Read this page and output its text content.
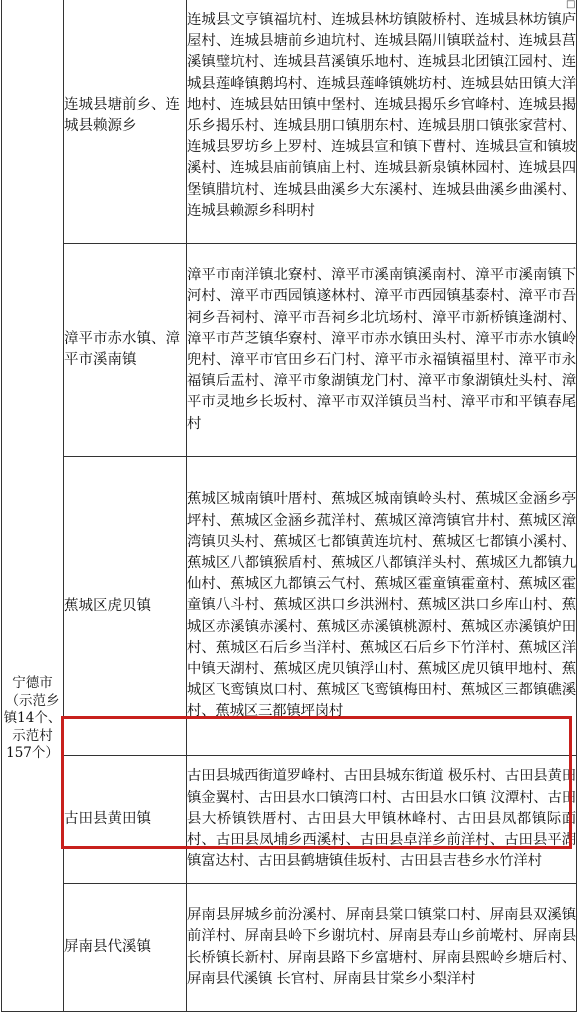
□
宁德市（示范乡镇14个、示范村157个）	连城县塘前乡、连城县赖源乡	连城县文亨镇福坑村、连城县林坊镇陂桥村、连城县林坊镇庐屋村、连城县塘前乡迪坑村、连城县隔川镇联益村、连城县莒溪镇璧坑村、连城县莒溪镇乐地村、连城县北团镇江园村、连城县莲峰镇鹅坞村、连城县莲峰镇姚坊村、连城县姑田镇大洋地村、连城县姑田镇中堡村、连城县揭乐乡官峰村、连城县揭乐乡揭乐村、连城县朋口镇朋东村、连城县朋口镇张家营村、连城县罗坊乡上罗村、连城县宣和镇下曹村、连城县宣和镇坡溪村、连城县庙前镇庙上村、连城县新泉镇林园村、连城县四堡镇腊坑村、连城县曲溪乡大东溪村、连城县曲溪乡曲溪村、连城县赖源乡科明村
	漳平市赤水镇、漳平市溪南镇	漳平市南洋镇北寮村、漳平市溪南镇溪南村、漳平市溪南镇下河村、漳平市西园镇遂林村、漳平市西园镇基泰村、漳平市吾祠乡吾祠村、漳平市吾祠乡北坑场村、漳平市新桥镇逢湖村、漳平市芦芝镇华寮村、漳平市赤水镇田头村、漳平市赤水镇岭兜村、漳平市官田乡石门村、漳平市永福镇福里村、漳平市永福镇后盂村、漳平市象湖镇龙门村、漳平市象湖镇灶头村、漳平市灵地乡长坂村、漳平市双洋镇员当村、漳平市和平镇春尾村
	蕉城区虎贝镇	蕉城区城南镇叶厝村、蕉城区城南镇岭头村、蕉城区金涵乡亭坪村、蕉城区金涵乡菰洋村、蕉城区漳湾镇官井村、蕉城区漳湾镇贝头村、蕉城区七都镇黄连坑村、蕉城区七都镇小溪村、蕉城区八都镇猴盾村、蕉城区八都镇洋头村、蕉城区九都镇九仙村、蕉城区九都镇云气村、蕉城区霍童镇霍童村、蕉城区霍童镇八斗村、蕉城区洪口乡洪洲村、蕉城区洪口乡库山村、蕉城区赤溪镇赤溪村、蕉城区赤溪镇桃源村、蕉城区赤溪镇炉田村、蕉城区石后乡当洋村、蕉城区石后乡下竹洋村、蕉城区洋中镇天湖村、蕉城区虎贝镇浮山村、蕉城区虎贝镇甲地村、蕉城区飞鸾镇岚口村、蕉城区飞鸾镇梅田村、蕉城区三都镇礁溪村、蕉城区三都镇坪岗村
	古田县黄田镇	古田县城西街道罗峰村、古田县城东街道 极乐村、古田县黄田镇金翼村、古田县水口镇湾口村、古田县水口镇 汶潭村、古田县大桥镇铁厝村、古田县大甲镇林峰村、古田县凤都镇际面村、古田县凤埔乡西溪村、古田县卓洋乡前洋村、古田县平湖镇富达村、古田县鹤塘镇佳坂村、古田县吉巷乡水竹洋村
	屏南县代溪镇	屏南县屏城乡前汾溪村、屏南县棠口镇棠口村、屏南县双溪镇前洋村、屏南县岭下乡谢坑村、屏南县寿山乡前墘村、屏南县长桥镇长新村、屏南县路下乡富塘村、屏南县熙岭乡塘后村、屏南县代溪镇 长官村、屏南县甘棠乡小梨洋村
